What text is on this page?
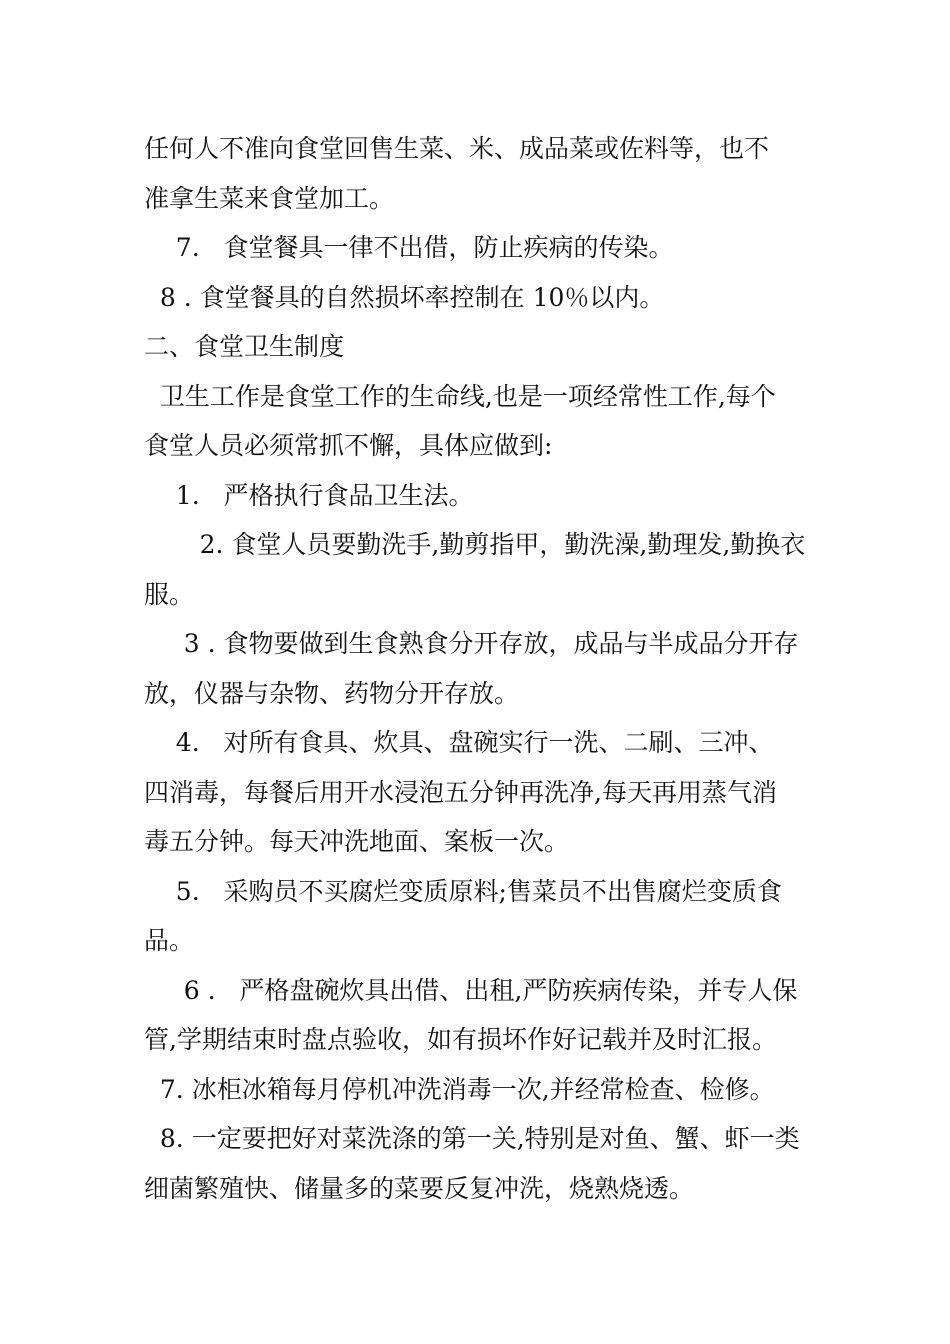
任何人不准向食堂回售生菜、米、成品菜或佐料等，也不
准拿生菜来食堂加工。
7.   食堂餐具一律不出借，防止疾病的传染。
8 . 食堂餐具的自然损坏率控制在 10％以内。
二、食堂卫生制度
卫生工作是食堂工作的生命线,也是一项经常性工作,每个
食堂人员必须常抓不懈，具体应做到:
1.   严格执行食品卫生法。
2. 食堂人员要勤洗手,勤剪指甲，勤洗澡,勤理发,勤换衣
服。
3 . 食物要做到生食熟食分开存放，成品与半成品分开存
放，仪器与杂物、药物分开存放。
4.   对所有食具、炊具、盘碗实行一洗、二刷、三冲、
四消毒，每餐后用开水浸泡五分钟再洗净,每天再用蒸气消
毒五分钟。每天冲洗地面、案板一次。
5.   采购员不买腐烂变质原料;售菜员不出售腐烂变质食
品。
6 .   严格盘碗炊具出借、出租,严防疾病传染，并专人保
管,学期结束时盘点验收，如有损坏作好记载并及时汇报。
7. 冰柜冰箱每月停机冲洗消毒一次,并经常检查、检修。
8. 一定要把好对菜洗涤的第一关,特别是对鱼、蟹、虾一类
细菌繁殖快、储量多的菜要反复冲洗，烧熟烧透。
